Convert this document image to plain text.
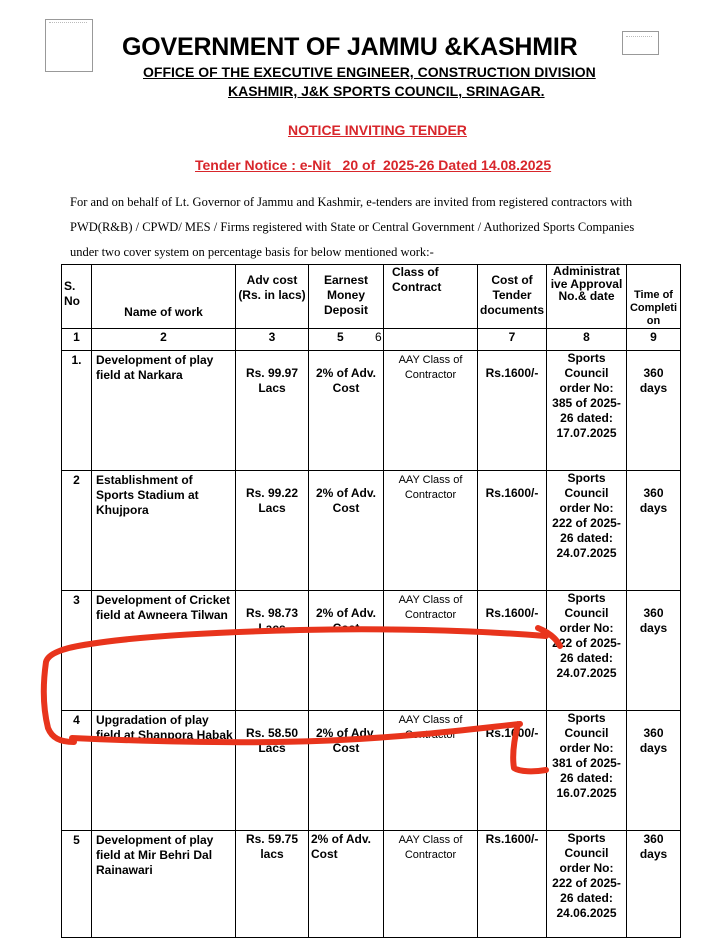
GOVERNMENT OF JAMMU &KASHMIR
OFFICE OF THE EXECUTIVE ENGINEER, CONSTRUCTION DIVISION
KASHMIR, J&K SPORTS COUNCIL, SRINAGAR.
NOTICE INVITING TENDER
Tender Notice : e-Nit   20 of  2025-26 Dated 14.08.2025
For and on behalf of Lt. Governor of Jammu and Kashmir, e-tenders are invited from registered contractors with PWD(R&B) / CPWD/ MES / Firms registered with State or Central Government / Authorized Sports Companies under two cover system on percentage basis for below mentioned work:-
S. No	Name of work	Adv cost (Rs. in lacs)	Earnest Money Deposit	Class of Contract	Cost of Tender documents	Administrat ive Approval No.& date	Time of Completi on
1	2	3	5 6		7	8	9
1.	Development of play field at Narkara	Rs. 99.97 Lacs	2% of Adv. Cost	AAY Class of Contractor	Rs.1600/-	Sports Council order No: 385 of 2025-26 dated: 17.07.2025	360 days
2	Establishment of Sports Stadium at Khujpora	Rs. 99.22 Lacs	2% of Adv. Cost	AAY Class of Contractor	Rs.1600/-	Sports Council order No: 222 of 2025-26 dated: 24.07.2025	360 days
3	Development of Cricket field at Awneera Tilwan	Rs. 98.73 Lacs	2% of Adv. Cost	AAY Class of Contractor	Rs.1600/-	Sports Council order No: 222 of 2025-26 dated: 24.07.2025	360 days
4	Upgradation of play field at Shanpora Habak	Rs. 58.50 Lacs	2% of Adv. Cost	AAY Class of Contractor	Rs.1600/-	Sports Council order No: 381 of 2025-26 dated: 16.07.2025	360 days
5	Development of play field at Mir Behri Dal Rainawari	Rs. 59.75 lacs	2% of Adv. Cost	AAY Class of Contractor	Rs.1600/-	Sports Council order No: 222 of 2025-26 dated: 24.06.2025	360 days
